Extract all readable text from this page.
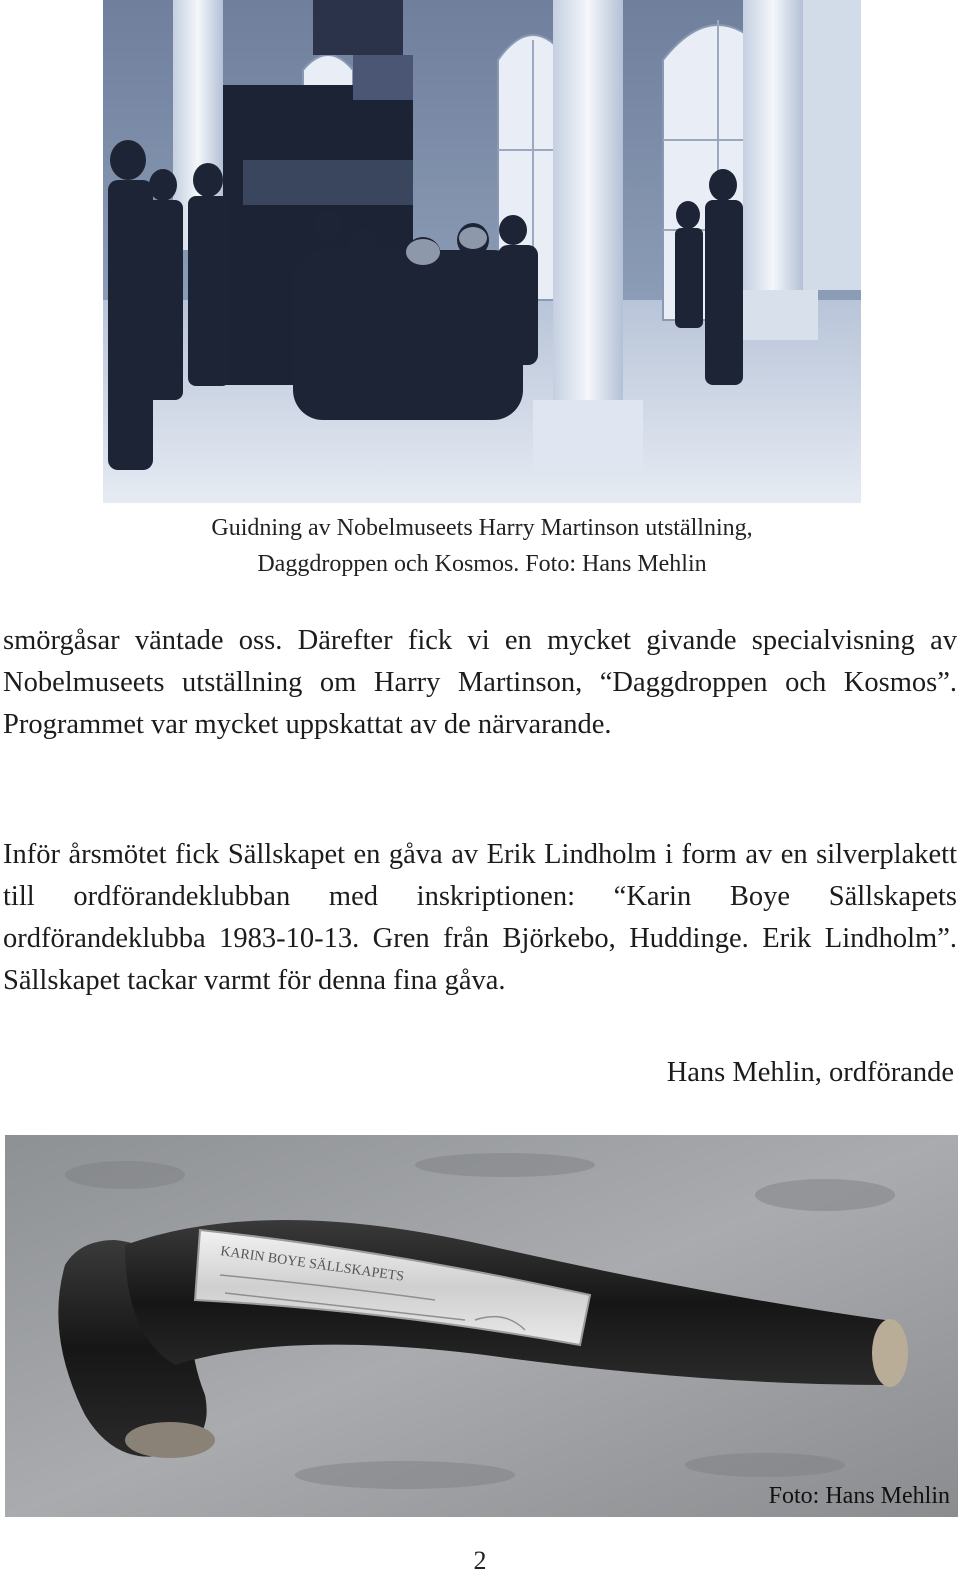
Guidning av Nobelmuseets Harry Martinson utställning,
Daggdroppen och Kosmos. Foto: Hans Mehlin

smörgåsar väntade oss. Därefter fick vi en mycket givande specialvisning av Nobelmuseets utställning om Harry Martinson, “Daggdroppen och Kosmos”. Programmet var mycket uppskattat av de närvarande.

Inför årsmötet fick Sällskapet en gåva av Erik Lindholm i form av en silverplakett till ordförandeklubban med inskriptionen: “Karin Boye Sällskapets ordförandeklubba 1983-10-13. Gren från Björkebo, Huddinge. Erik Lindholm”. Sällskapet tackar varmt för denna fina gåva.

Hans Mehlin, ordförande
KARIN BOYE SÄLLSKAPETS
Foto: Hans Mehlin
2
